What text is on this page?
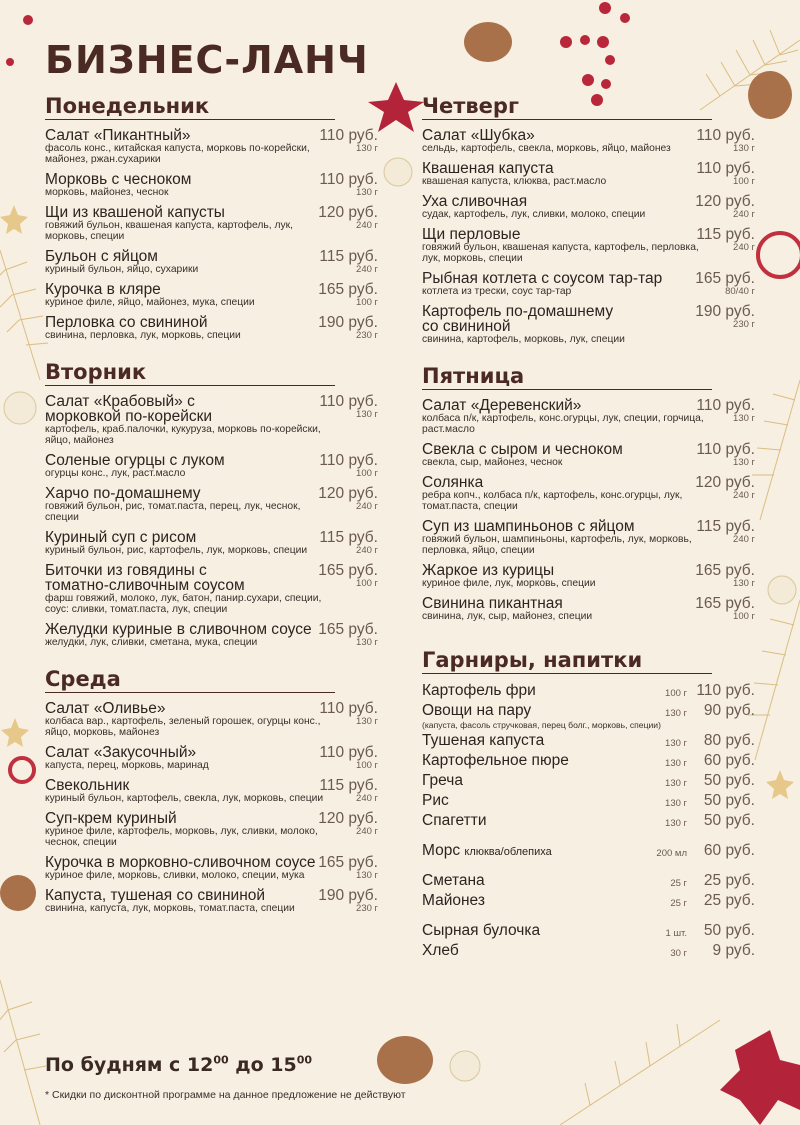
БИЗНЕС-ЛАНЧ
Понедельник
Салат «Пикантный»
фасоль конс., китайская капуста, морковь по-корейски, майонез, ржан.сухарики
110 руб.
130 г
Морковь с чесноком
морковь, майонез, чеснок
110 руб.
130 г
Щи из квашеной капусты
говяжий бульон, квашеная капуста, картофель, лук, морковь, специи
120 руб.
240 г
Бульон с яйцом
куриный бульон, яйцо, сухарики
115 руб.
240 г
Курочка в кляре
куриное филе, яйцо, майонез, мука, специи
165 руб.
100 г
Перловка со свининой
свинина, перловка, лук, морковь, специи
190 руб.
230 г
Вторник
Салат «Крабовый» с морковкой по-корейски
картофель, краб.палочки, кукуруза, морковь по-корейски, яйцо, майонез
110 руб.
130 г
Соленые огурцы с луком
огурцы конс., лук, раст.масло
110 руб.
100 г
Харчо по-домашнему
говяжий бульон, рис, томат.паста, перец, лук, чеснок, специи
120 руб.
240 г
Куриный суп с рисом
куриный бульон, рис, картофель, лук, морковь, специи
115 руб.
240 г
Биточки из говядины с томатно-сливочным соусом
фарш говяжий, молоко, лук, батон, панир.сухари, специи, соус: сливки, томат.паста, лук, специи
165 руб.
100 г
Желудки куриные в сливочном соусе
желудки, лук, сливки, сметана, мука, специи
165 руб.
130 г
Среда
Салат «Оливье»
колбаса вар., картофель, зеленый горошек, огурцы конс., яйцо, морковь, майонез
110 руб.
130 г
Салат «Закусочный»
капуста, перец, морковь, маринад
110 руб.
100 г
Свекольник
куриный бульон, картофель, свекла, лук, морковь, специи
115 руб.
240 г
Суп-крем куриный
куриное филе, картофель, морковь, лук, сливки, молоко, чеснок, специи
120 руб.
240 г
Курочка в морковно-сливочном соусе
куриное филе, морковь, сливки, молоко, специи, мука
165 руб.
130 г
Капуста, тушеная со свининой
свинина, капуста, лук, морковь, томат.паста, специи
190 руб.
230 г
Четверг
Салат «Шубка»
сельдь, картофель, свекла, морковь, яйцо, майонез
110 руб.
130 г
Квашеная капуста
квашеная капуста, клюква, раст.масло
110 руб.
100 г
Уха сливочная
судак, картофель, лук, сливки, молоко, специи
120 руб.
240 г
Щи перловые
говяжий бульон, квашеная капуста, картофель, перловка, лук, морковь, специи
115 руб.
240 г
Рыбная котлета с соусом тар-тар
котлета из трески, соус тар-тар
165 руб.
80/40 г
Картофель по-домашнему со свининой
свинина, картофель, морковь, лук, специи
190 руб.
230 г
Пятница
Салат «Деревенский»
колбаса п/к, картофель, конс.огурцы, лук, специи, горчица, раст.масло
110 руб.
130 г
Свекла с сыром и чесноком
свекла, сыр, майонез, чеснок
110 руб.
130 г
Солянка
ребра копч., колбаса п/к, картофель, конс.огурцы, лук, томат.паста, специи
120 руб.
240 г
Суп из шампиньонов с яйцом
говяжий бульон, шампиньоны, картофель, лук, морковь, перловка, яйцо, специи
115 руб.
240 г
Жаркое из курицы
куриное филе, лук, морковь, специи
165 руб.
130 г
Свинина пикантная
свинина, лук, сыр, майонез, специи
165 руб.
100 г
Гарниры, напитки
Картофель фри	100 г 110 руб.
Овощи на пару	130 г 90 руб.
(капуста, фасоль стручковая, перец болг., морковь, специи)
Тушеная капуста	130 г 80 руб.
Картофельное пюре	130 г 60 руб.
Греча	130 г 50 руб.
Рис	130 г 50 руб.
Спагетти	130 г 50 руб.
Морс клюква/облепиха	200 мл 60 руб.
Сметана	25 г 25 руб.
Майонез	25 г 25 руб.
Сырная булочка	1 шт. 50 руб.
Хлеб	30 г 9 руб.
По будням с $12^{00}$ до $15^{00}$
* Скидки по дисконтной программе на данное предложение не действуют
